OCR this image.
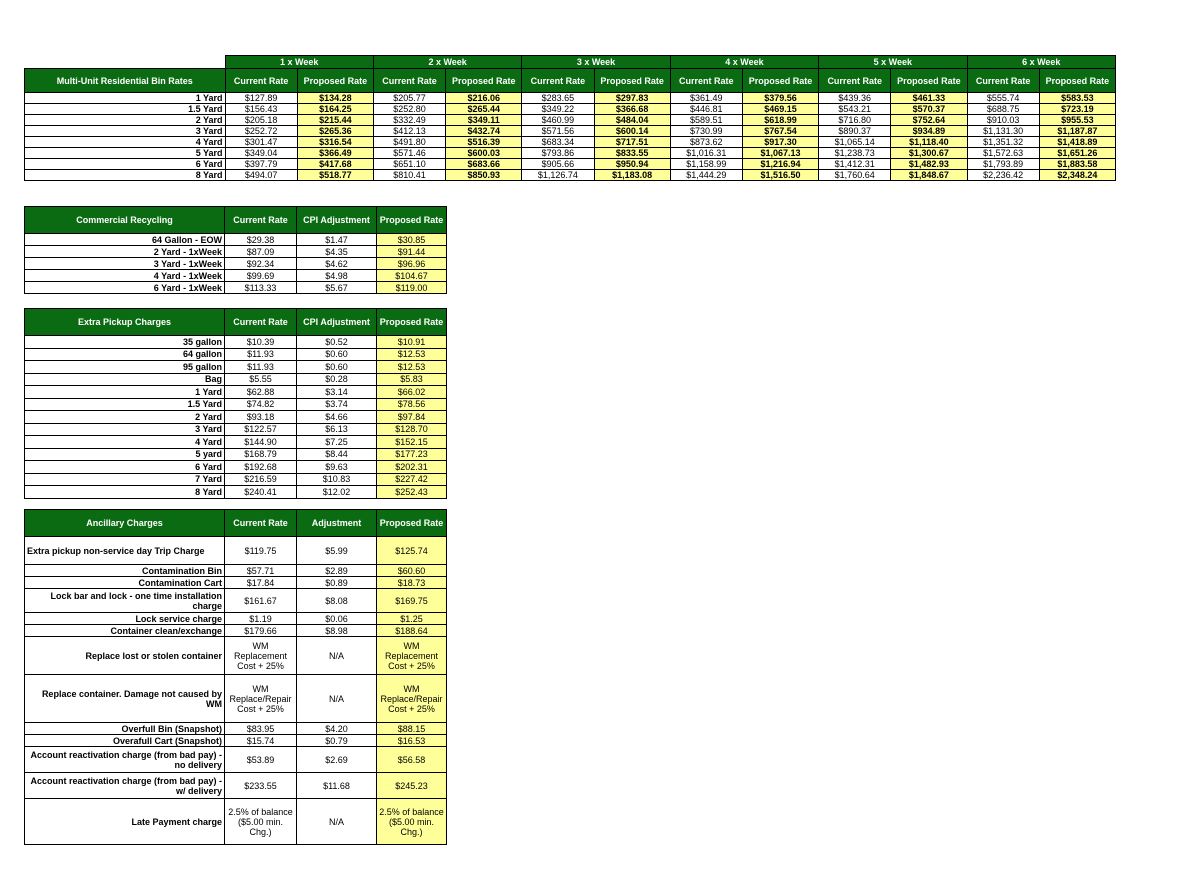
	1 x Week		2 x Week		3 x Week		4 x Week		5 x Week		6 x Week	
Multi-Unit Residential Bin Rates	Current Rate	Proposed Rate	Current Rate	Proposed Rate	Current Rate	Proposed Rate	Current Rate	Proposed Rate	Current Rate	Proposed Rate	Current Rate	Proposed Rate
1 Yard	$127.89	$134.28	$205.77	$216.06	$283.65	$297.83	$361.49	$379.56	$439.36	$461.33	$555.74	$583.53
1.5 Yard	$156.43	$164.25	$252.80	$265.44	$349.22	$366.68	$446.81	$469.15	$543.21	$570.37	$688.75	$723.19
2 Yard	$205.18	$215.44	$332.49	$349.11	$460.99	$484.04	$589.51	$618.99	$716.80	$752.64	$910.03	$955.53
3 Yard	$252.72	$265.36	$412.13	$432.74	$571.56	$600.14	$730.99	$767.54	$890.37	$934.89	$1,131.30	$1,187.87
4 Yard	$301.47	$316.54	$491.80	$516.39	$683.34	$717.51	$873.62	$917.30	$1,065.14	$1,118.40	$1,351.32	$1,418.89
5 Yard	$349.04	$366.49	$571.46	$600.03	$793.86	$833.55	$1,016.31	$1,067.13	$1,238.73	$1,300.67	$1,572.63	$1,651.26
6 Yard	$397.79	$417.68	$651.10	$683.66	$905.66	$950.94	$1,158.99	$1,216.94	$1,412.31	$1,482.93	$1,793.89	$1,883.58
8 Yard	$494.07	$518.77	$810.41	$850.93	$1,126.74	$1,183.08	$1,444.29	$1,516.50	$1,760.64	$1,848.67	$2,236.42	$2,348.24
Commercial Recycling	Current Rate	CPI Adjustment	Proposed Rate
64 Gallon - EOW	$29.38	$1.47	$30.85
2 Yard - 1xWeek	$87.09	$4.35	$91.44
3 Yard - 1xWeek	$92.34	$4.62	$96.96
4 Yard - 1xWeek	$99.69	$4.98	$104.67
6 Yard - 1xWeek	$113.33	$5.67	$119.00
Extra Pickup Charges	Current Rate	CPI Adjustment	Proposed Rate
35 gallon	$10.39	$0.52	$10.91
64 gallon	$11.93	$0.60	$12.53
95 gallon	$11.93	$0.60	$12.53
Bag	$5.55	$0.28	$5.83
1 Yard	$62.88	$3.14	$66.02
1.5 Yard	$74.82	$3.74	$78.56
2 Yard	$93.18	$4.66	$97.84
3 Yard	$122.57	$6.13	$128.70
4 Yard	$144.90	$7.25	$152.15
5 yard	$168.79	$8.44	$177.23
6 Yard	$192.68	$9.63	$202.31
7 Yard	$216.59	$10.83	$227.42
8 Yard	$240.41	$12.02	$252.43
Ancillary Charges	Current Rate	Adjustment	Proposed Rate
Extra pickup non-service day Trip Charge	$119.75	$5.99	$125.74
Contamination Bin	$57.71	$2.89	$60.60
Contamination Cart	$17.84	$0.89	$18.73
Lock bar and lock - one time installation charge	$161.67	$8.08	$169.75
Lock service charge	$1.19	$0.06	$1.25
Container clean/exchange	$179.66	$8.98	$188.64
Replace lost or stolen container	WM Replacement Cost + 25%	N/A	WM Replacement Cost + 25%
Replace container. Damage not caused by WM	WM Replace/Repair Cost + 25%	N/A	WM Replace/Repair Cost + 25%
Overfull Bin (Snapshot)	$83.95	$4.20	$88.15
Overafull Cart (Snapshot)	$15.74	$0.79	$16.53
Account reactivation charge (from bad pay) - no delivery	$53.89	$2.69	$56.58
Account reactivation charge (from bad pay) - w/ delivery	$233.55	$11.68	$245.23
Late Payment charge	2.5% of balance ($5.00 min. Chg.)	N/A	2.5% of balance ($5.00 min. Chg.)
